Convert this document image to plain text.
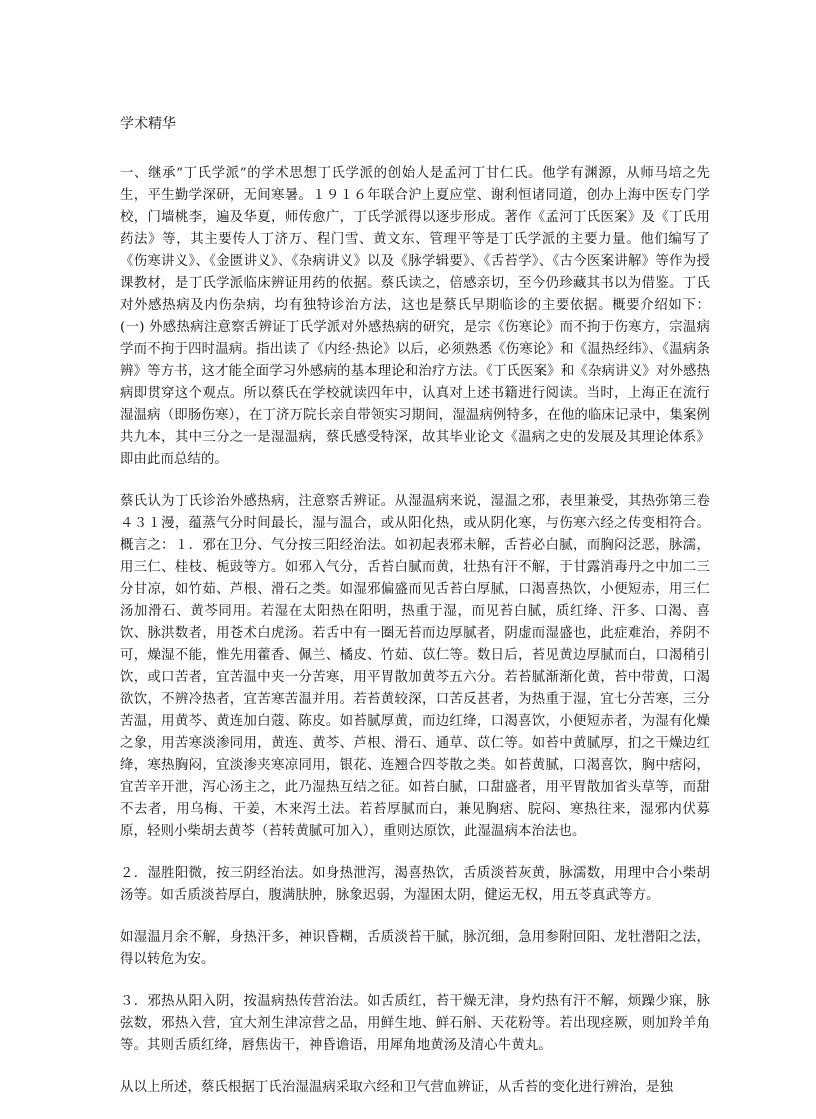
学术精华

一、继承“丁氏学派”的学术思想丁氏学派的创始人是孟河丁甘仁氏。他学有渊源，从师马培之先生，平生勤学深研，无间寒暑。１９１６年联合沪上夏应堂、谢利恒诸同道，创办上海中医专门学校，门墙桃李，遍及华夏，师传愈广，丁氏学派得以逐步形成。著作《孟河丁氏医案》及《丁氏用药法》等，其主要传人丁济万、程门雪、黄文东、管理平等是丁氏学派的主要力量。他们编写了《伤寒讲义》、《金匮讲义》、《杂病讲义》以及《脉学辑要》、《舌苔学》、《古今医案讲解》等作为授课教材，是丁氏学派临床辨证用药的依据。蔡氏读之，倍感亲切，至今仍珍藏其书以为借鉴。丁氏对外感热病及内伤杂病，均有独特诊治方法，这也是蔡氏早期临诊的主要依据。概要介绍如下：(一) 外感热病注意察舌辨证丁氏学派对外感热病的研究，是宗《伤寒论》而不拘于伤寒方，宗温病学而不拘于四时温病。指出读了《内经·热论》以后，必须熟悉《伤寒论》和《温热经纬》、《温病条辨》等方书，这才能全面学习外感病的基本理论和治疗方法。《丁氏医案》和《杂病讲义》对外感热病即贯穿这个观点。所以蔡氏在学校就读四年中，认真对上述书籍进行阅读。当时，上海正在流行湿温病（即肠伤寒），在丁济万院长亲自带领实习期间，湿温病例特多，在他的临床记录中，集案例共九本，其中三分之一是湿温病，蔡氏感受特深，故其毕业论文《温病之史的发展及其理论体系》即由此而总结的。

蔡氏认为丁氏诊治外感热病，注意察舌辨证。从湿温病来说，湿温之邪，表里兼受，其热弥第三卷４３１漫，蕴蒸气分时间最长，湿与温合，或从阳化热，或从阴化寒，与伤寒六经之传变相符合。概言之：１．邪在卫分、气分按三阳经治法。如初起表邪未解，舌苔必白腻，而胸闷泛恶，脉濡，用三仁、桂枝、栀豉等方。如邪入气分，舌苔白腻而黄，壮热有汗不解，于甘露消毒丹之中加二三分甘凉，如竹茹、芦根、滑石之类。如湿邪偏盛而见舌苔白厚腻，口渴喜热饮，小便短赤，用三仁汤加滑石、黄芩同用。若湿在太阳热在阳明，热重于湿，而见苔白腻，质红绛、汗多、口渴、喜饮、脉洪数者，用苍术白虎汤。若舌中有一圈无苔而边厚腻者，阴虚而湿盛也，此症难治，养阴不可，燥湿不能，惟先用藿香、佩兰、橘皮、竹茹、苡仁等。数日后，苔见黄边厚腻而白，口渴稍引饮，或口苦者，宜苦温中夹一分苦寒，用平胃散加黄芩五六分。若苔腻渐渐化黄，苔中带黄，口渴欲饮，不辨冷热者，宜苦寒苦温并用。若苔黄较深，口苦反甚者，为热重于湿，宜七分苦寒，三分苦温，用黄芩、黄连加白蔻、陈皮。如苔腻厚黄，而边红绛，口渴喜饮，小便短赤者，为湿有化燥之象，用苦寒淡渗同用，黄连、黄芩、芦根、滑石、通草、苡仁等。如苔中黄腻厚，扪之干燥边红绛，寒热胸闷，宜淡渗夹寒凉同用，银花、连翘合四苓散之类。如苔黄腻，口渴喜饮，胸中痞闷，宜苦辛开泄，泻心汤主之，此乃湿热互结之征。如苔白腻，口甜盛者，用平胃散加省头草等，而甜不去者，用乌梅、干姜，木来泻土法。若苔厚腻而白，兼见胸痞、脘闷、寒热往来，湿邪内伏募原，轻则小柴胡去黄芩（苔转黄腻可加入），重则达原饮，此湿温病本治法也。

２．湿胜阳微，按三阴经治法。如身热泄泻，渴喜热饮，舌质淡苔灰黄，脉濡数，用理中合小柴胡汤等。如舌质淡苔厚白，腹满肤肿，脉象迟弱，为湿困太阴，健运无权，用五苓真武等方。

如湿温月余不解，身热汗多，神识昏糊，舌质淡苔干腻，脉沉细，急用参附回阳、龙牡潜阳之法，得以转危为安。

３．邪热从阳入阴，按温病热传营治法。如舌质红，苔干燥无津，身灼热有汗不解，烦躁少寐，脉弦数，邪热入营，宜大剂生津凉营之品，用鲜生地、鲜石斛、天花粉等。若出现痉厥，则加羚羊角等。其则舌质红绛，唇焦齿干，神昏谵语，用犀角地黄汤及清心牛黄丸。

从以上所述，蔡氏根据丁氏治湿温病采取六经和卫气营血辨证，从舌苔的变化进行辨治，是独
